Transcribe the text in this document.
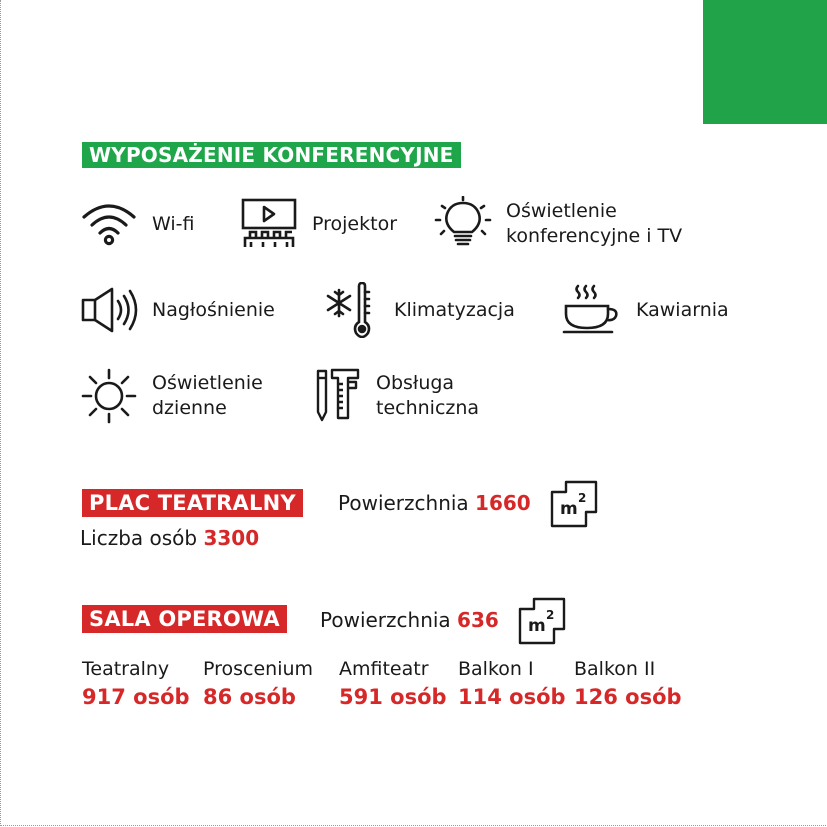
WYPOSAŻENIE KONFERENCYJNE
Wi-fi	Projektor
Oświetlenie
konferencyjne i TV
Nagłośnienie	Klimatyzacja	Kawiarnia
Oświetlenie
dzienne
Obsługa
techniczna
PLAC TEATRALNY	Powierzchnia 1660 m
2
Liczba osób 3300
SALA OPEROWA	Powierzchnia 636 m
2
Teatralny
917 osób
Proscenium
86 osób
Amfiteatr
591 osób
Balkon I
114 osób
Balkon II
126 osób
